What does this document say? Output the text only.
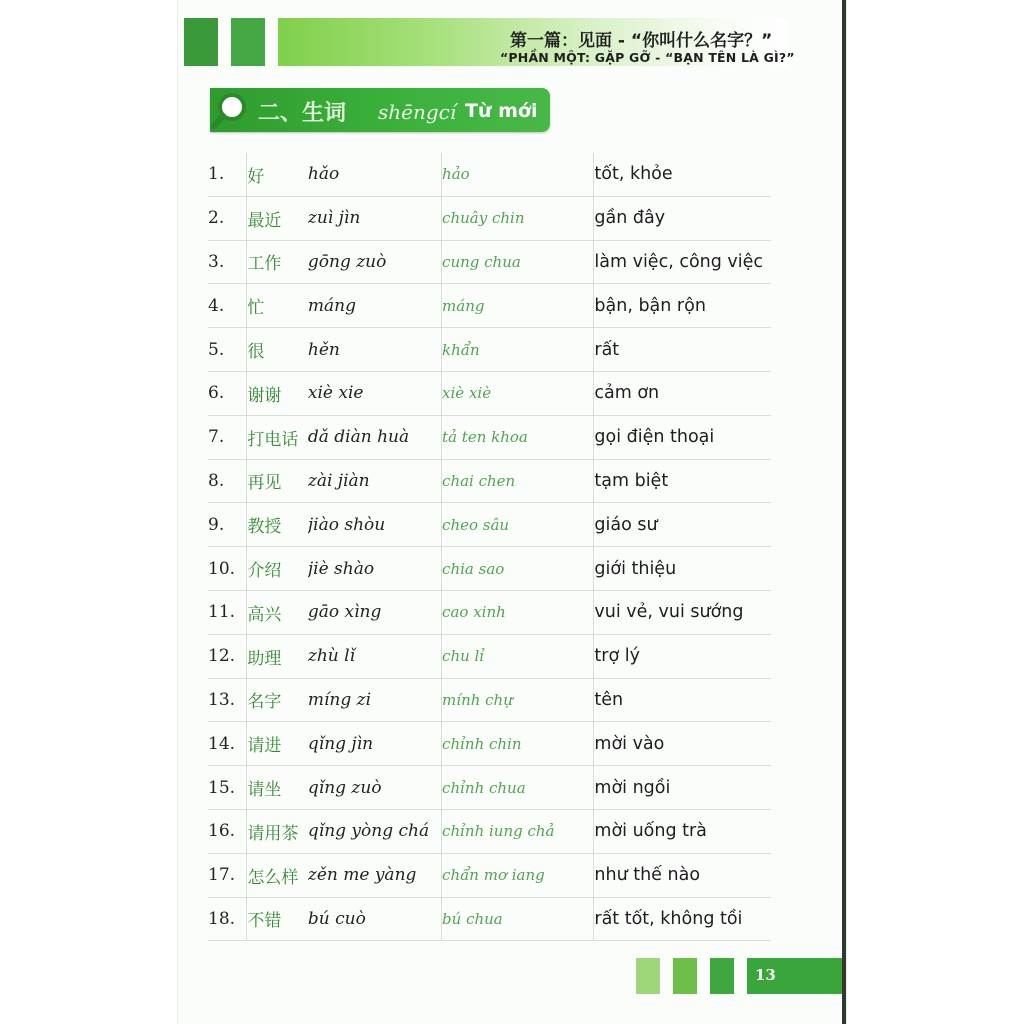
第一篇：见面 - “你叫什么名字？”
“PHẦN MỘT: GẶP GỠ - “BẠN TÊN LÀ GÌ?”
二、生词 shēngcí Từ mới
1.	好	hǎo	hảo	tốt, khỏe
2.	最近	zuì jìn	chuây chin	gần đây
3.	工作	gōng zuò	cung chua	làm việc, công việc
4.	忙	máng	máng	bận, bận rộn
5.	很	hěn	khẩn	rất
6.	谢谢	xiè xie	xiè xiè	cảm ơn
7.	打电话	dǎ diàn huà	tả ten khoa	gọi điện thoại
8.	再见	zài jiàn	chai chen	tạm biệt
9.	教授	jiào shòu	cheo sâu	giáo sư
10.	介绍	jiè shào	chia sao	giới thiệu
11.	高兴	gāo xìng	cao xinh	vui vẻ, vui sướng
12.	助理	zhù lǐ	chu lỉ	trợ lý
13.	名字	míng zi	mính chự	tên
14.	请进	qǐng jìn	chỉnh chin	mời vào
15.	请坐	qǐng zuò	chỉnh chua	mời ngồi
16.	请用茶	qǐng yòng chá	chỉnh iung chả	mời uống trà
17.	怎么样	zěn me yàng	chẩn mơ iang	như thế nào
18.	不错	bú cuò	bú chua	rất tốt, không tồi
13
